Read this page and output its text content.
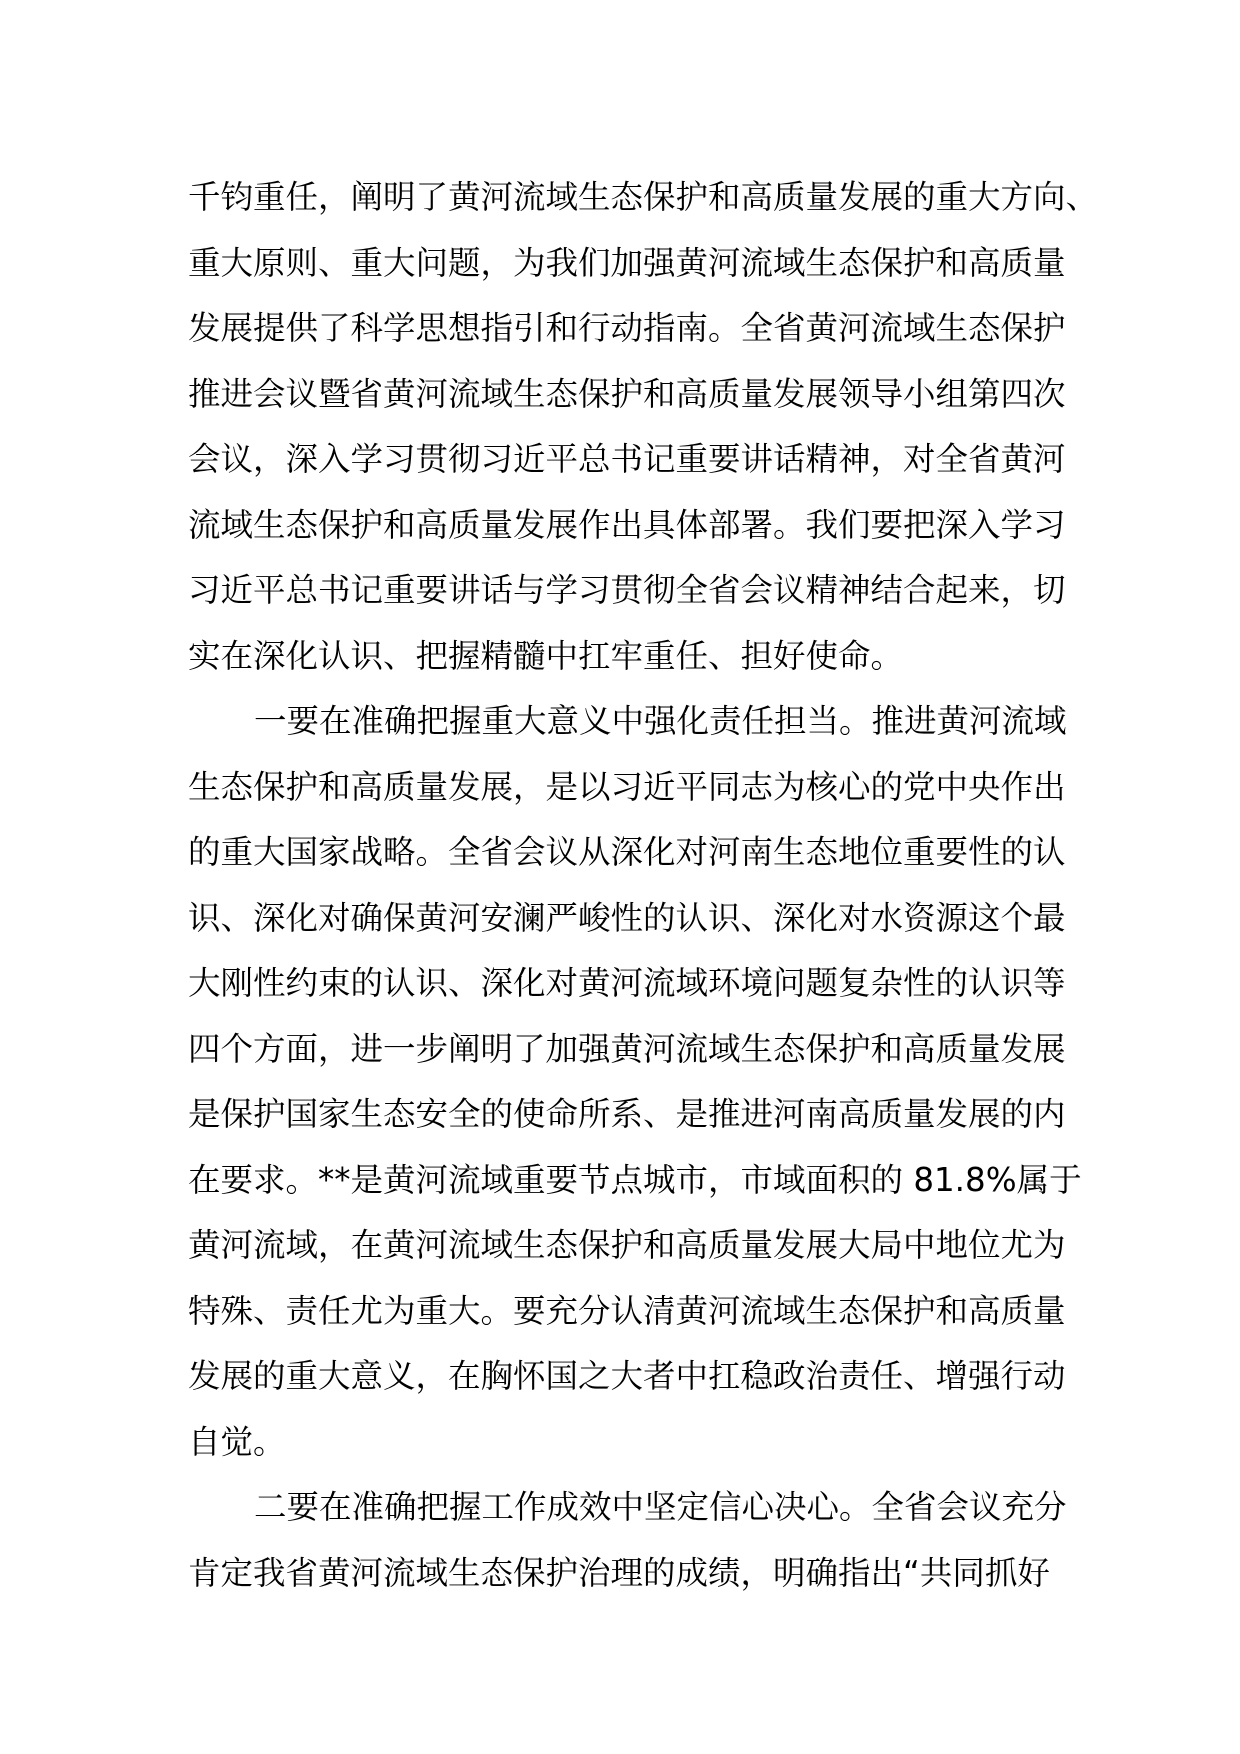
千钧重任，阐明了黄河流域生态保护和高质量发展的重大方向、
重大原则、重大问题，为我们加强黄河流域生态保护和高质量
发展提供了科学思想指引和行动指南。全省黄河流域生态保护
推进会议暨省黄河流域生态保护和高质量发展领导小组第四次
会议，深入学习贯彻习近平总书记重要讲话精神，对全省黄河
流域生态保护和高质量发展作出具体部署。我们要把深入学习
习近平总书记重要讲话与学习贯彻全省会议精神结合起来，切
实在深化认识、把握精髓中扛牢重任、担好使命。
一要在准确把握重大意义中强化责任担当。推进黄河流域
生态保护和高质量发展，是以习近平同志为核心的党中央作出
的重大国家战略。全省会议从深化对河南生态地位重要性的认
识、深化对确保黄河安澜严峻性的认识、深化对水资源这个最
大刚性约束的认识、深化对黄河流域环境问题复杂性的认识等
四个方面，进一步阐明了加强黄河流域生态保护和高质量发展
是保护国家生态安全的使命所系、是推进河南高质量发展的内
在要求。**是黄河流域重要节点城市，市域面积的 81.8%属于
黄河流域，在黄河流域生态保护和高质量发展大局中地位尤为
特殊、责任尤为重大。要充分认清黄河流域生态保护和高质量
发展的重大意义，在胸怀国之大者中扛稳政治责任、增强行动
自觉。
二要在准确把握工作成效中坚定信心决心。全省会议充分
肯定我省黄河流域生态保护治理的成绩，明确指出“共同抓好
